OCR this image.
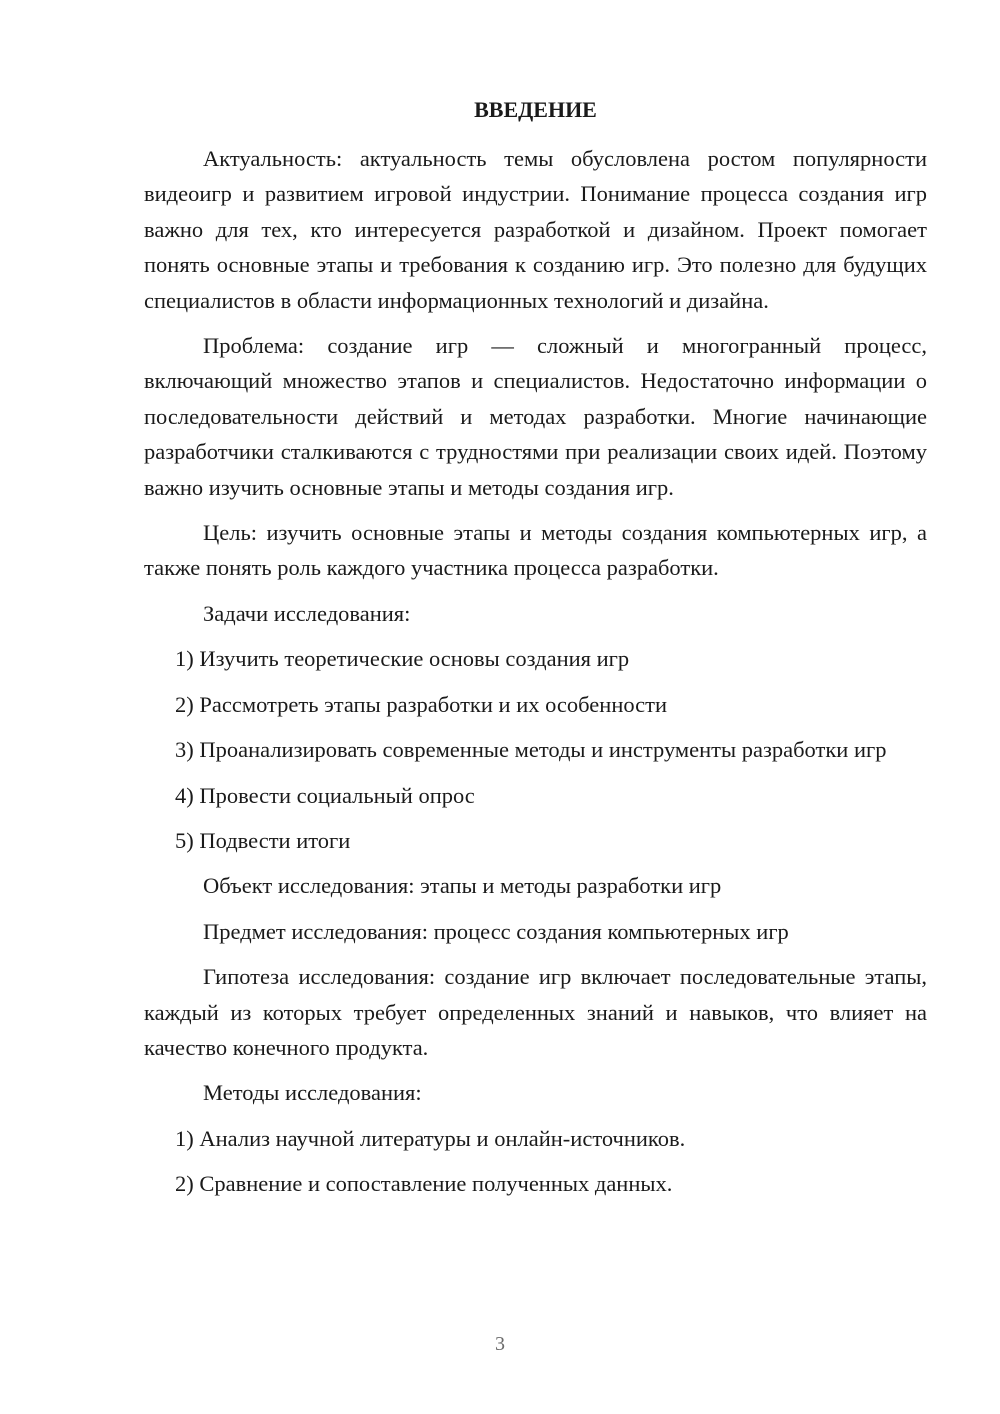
ВВЕДЕНИЕ

Актуальность: актуальность темы обусловлена ростом популярности видеоигр и развитием игровой индустрии. Понимание процесса создания игр важно для тех, кто интересуется разработкой и дизайном. Проект помогает понять основные этапы и требования к созданию игр. Это полезно для будущих специалистов в области информационных технологий и дизайна.

Проблема: создание игр — сложный и многогранный процесс, включающий множество этапов и специалистов. Недостаточно информации о последовательности действий и методах разработки. Многие начинающие разработчики сталкиваются с трудностями при реализации своих идей. Поэтому важно изучить основные этапы и методы создания игр.

Цель: изучить основные этапы и методы создания компьютерных игр, а также понять роль каждого участника процесса разработки.

Задачи исследования:

1) Изучить теоретические основы создания игр

2) Рассмотреть этапы разработки и их особенности

3) Проанализировать современные методы и инструменты разработки игр

4) Провести социальный опрос

5) Подвести итоги

Объект исследования: этапы и методы разработки игр

Предмет исследования: процесс создания компьютерных игр

Гипотеза исследования: создание игр включает последовательные этапы, каждый из которых требует определенных знаний и навыков, что влияет на качество конечного продукта.

Методы исследования:

1) Анализ научной литературы и онлайн-источников.

2) Сравнение и сопоставление полученных данных.

3
